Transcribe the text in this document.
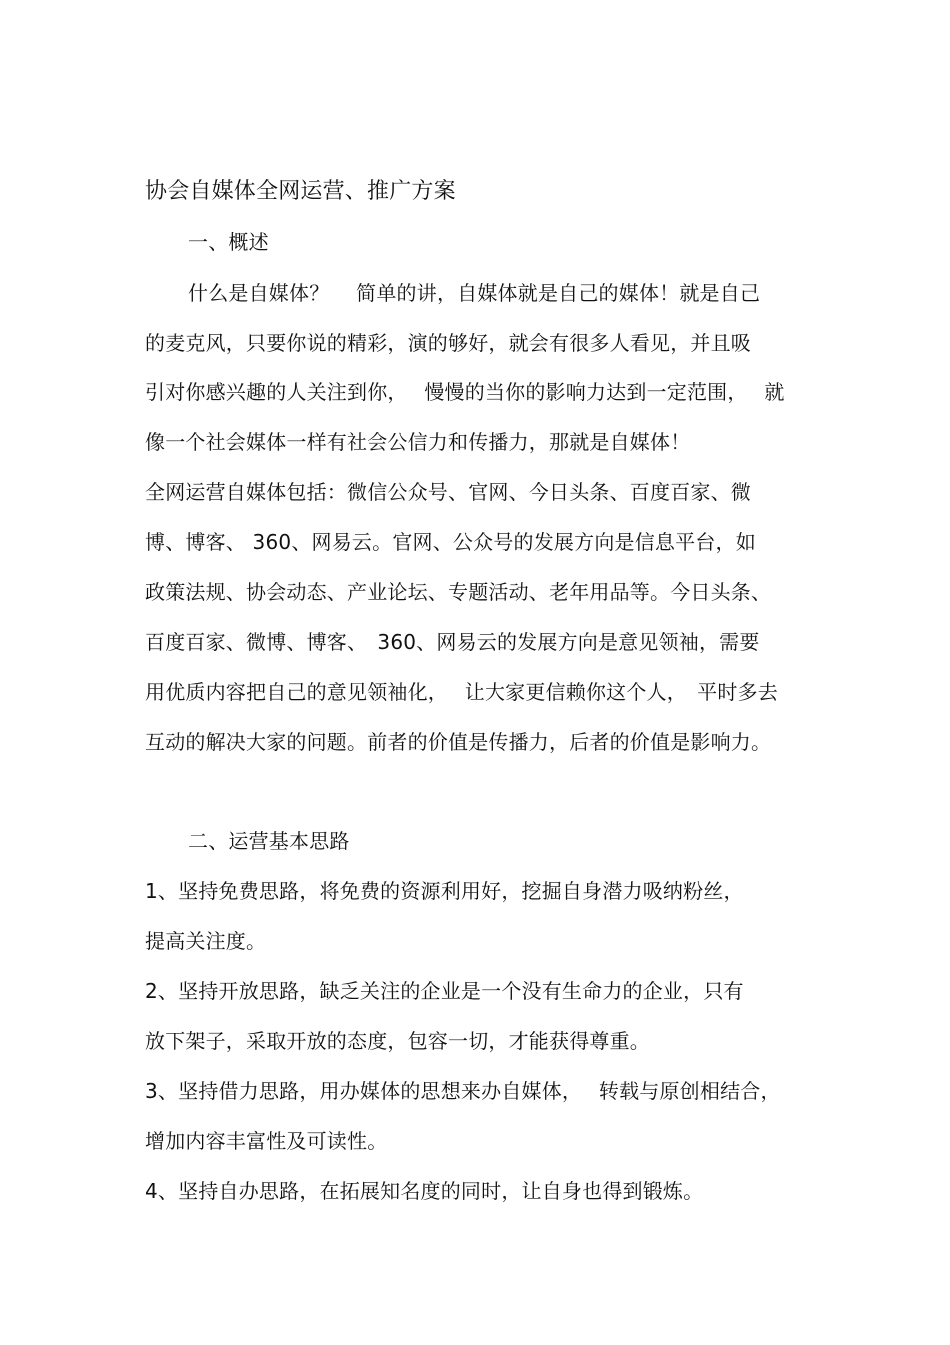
协会自媒体全网运营、推广方案
一、概述
什么是自媒体？　 简单的讲，自媒体就是自己的媒体！就是自己
的麦克风，只要你说的精彩，演的够好，就会有很多人看见，并且吸
引对你感兴趣的人关注到你，　 慢慢的当你的影响力达到一定范围，　 就
像一个社会媒体一样有社会公信力和传播力，那就是自媒体！
全网运营自媒体包括：微信公众号、官网、今日头条、百度百家、微
博、博客、 360、网易云。官网、公众号的发展方向是信息平台，如
政策法规、协会动态、产业论坛、专题活动、老年用品等。今日头条、
百度百家、微博、博客、　360、网易云的发展方向是意见领袖，需要
用优质内容把自己的意见领袖化，　 让大家更信赖你这个人，　平时多去
互动的解决大家的问题。前者的价值是传播力，后者的价值是影响力。
二、运营基本思路
1、坚持免费思路，将免费的资源利用好，挖掘自身潜力吸纳粉丝，
提高关注度。
2、坚持开放思路，缺乏关注的企业是一个没有生命力的企业，只有
放下架子，采取开放的态度，包容一切，才能获得尊重。
3、坚持借力思路，用办媒体的思想来办自媒体，　 转载与原创相结合，
增加内容丰富性及可读性。
4、坚持自办思路，在拓展知名度的同时，让自身也得到锻炼。
